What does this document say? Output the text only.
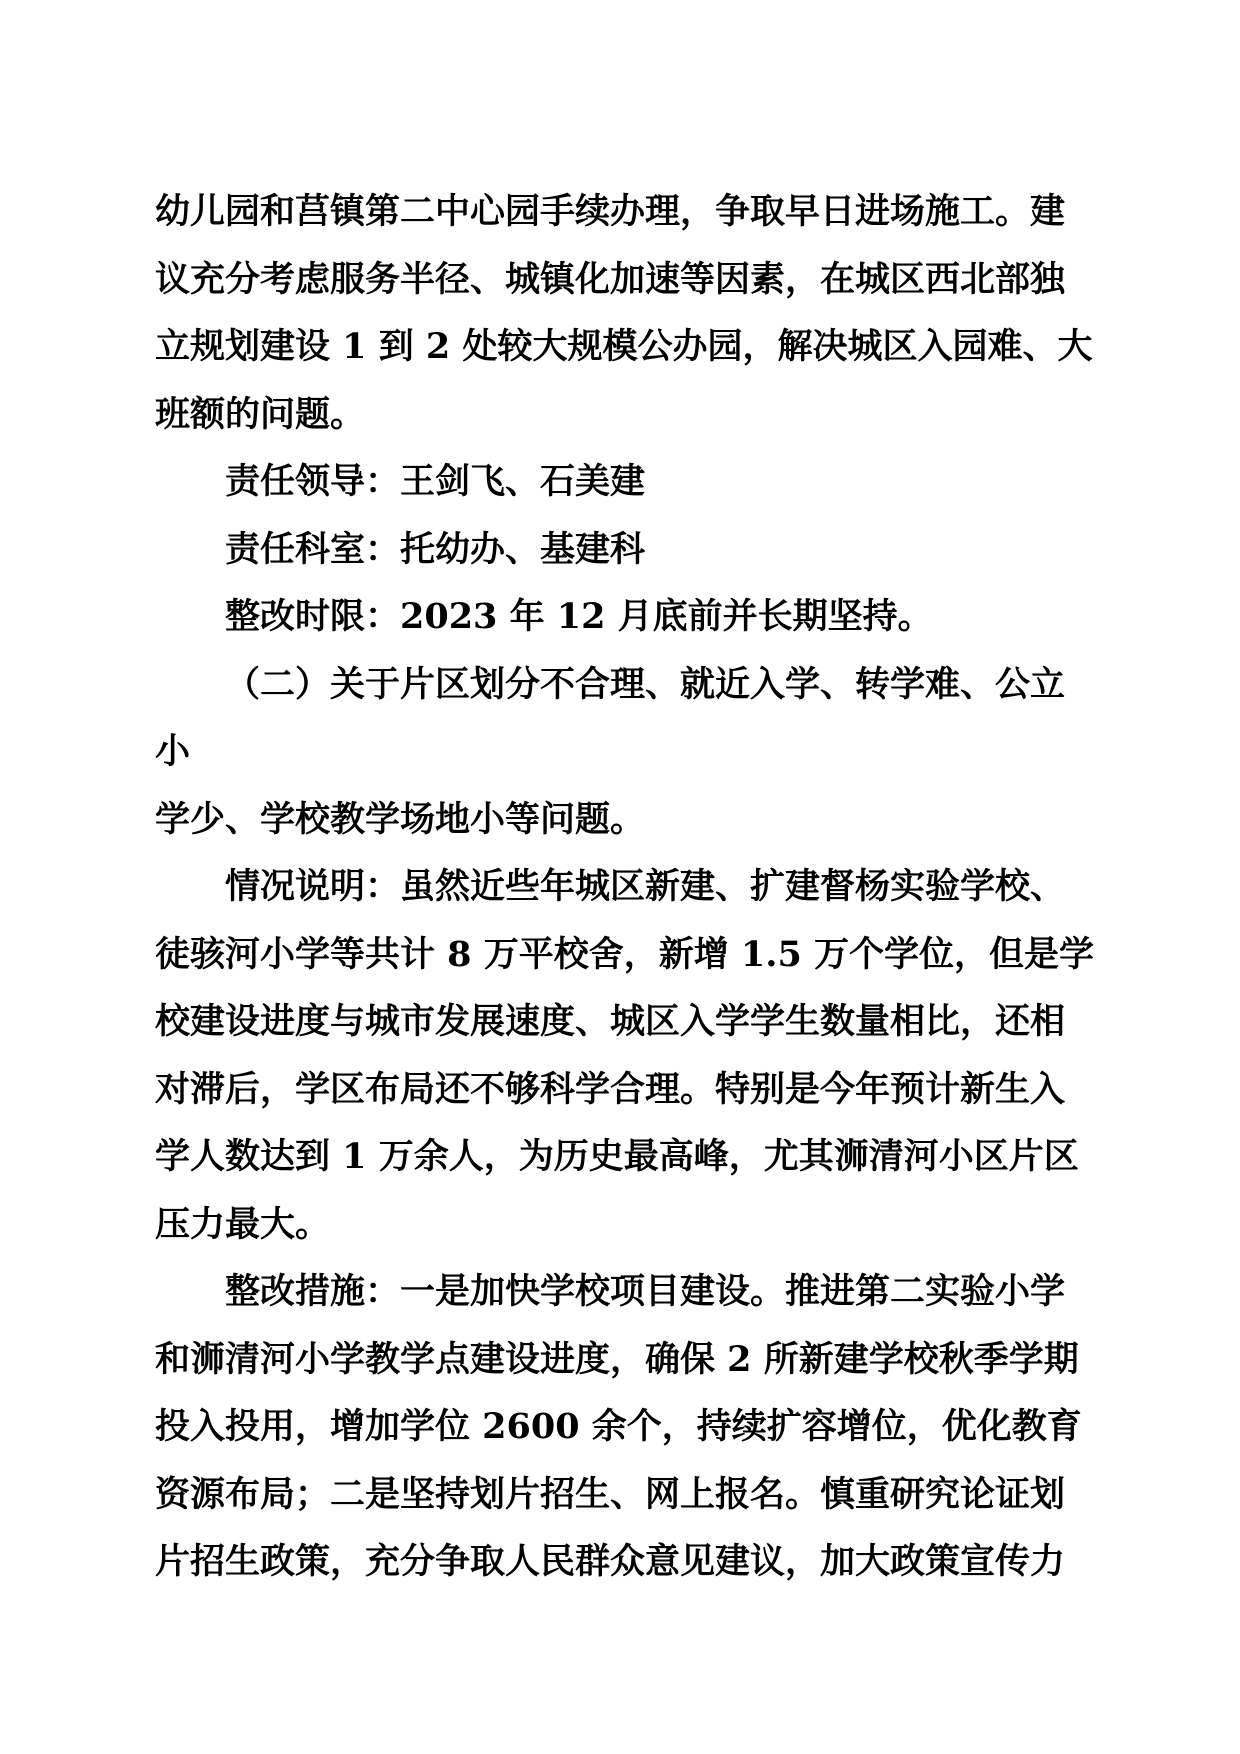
幼儿园和莒镇第二中心园手续办理，争取早日进场施工。建
议充分考虑服务半径、城镇化加速等因素，在城区西北部独
立规划建设 1 到 2 处较大规模公办园，解决城区入园难、大
班额的问题。
责任领导：王剑飞、石美建
责任科室：托幼办、基建科
整改时限：2023 年 12 月底前并长期坚持。
（二）关于片区划分不合理、就近入学、转学难、公立
小
学少、学校教学场地小等问题。
情况说明：虽然近些年城区新建、扩建督杨实验学校、
徒骇河小学等共计 8 万平校舍，新增 1.5 万个学位，但是学
校建设进度与城市发展速度、城区入学学生数量相比，还相
对滞后，学区布局还不够科学合理。特别是今年预计新生入
学人数达到 1 万余人，为历史最高峰，尤其浉清河小区片区
压力最大。
整改措施：一是加快学校项目建设。推进第二实验小学
和浉清河小学教学点建设进度，确保 2 所新建学校秋季学期
投入投用，增加学位 2600 余个，持续扩容增位，优化教育
资源布局；二是坚持划片招生、网上报名。慎重研究论证划
片招生政策，充分争取人民群众意见建议，加大政策宣传力
